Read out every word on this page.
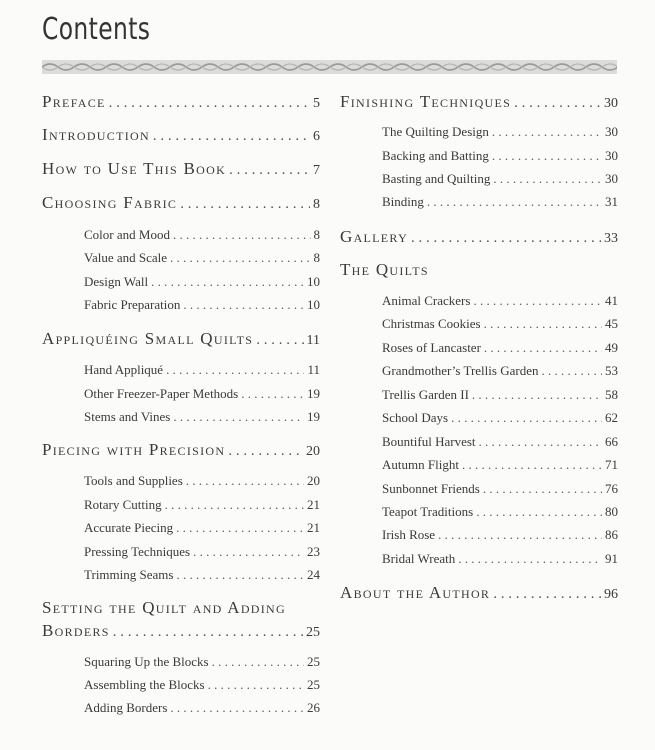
Contents
Preface . . .	5
Introduction . . .	6
How to Use This Book . . .	7
Choosing Fabric . . .	8
Color and Mood . . .	8
Value and Scale . . .	8
Design Wall . . .	10
Fabric Preparation . . .	10
Appliquéing Small Quilts . . .	11
Hand Appliqué . . .	11
Other Freezer-Paper Methods . . .	19
Stems and Vines . . .	19
Piecing with Precision . . .	20
Tools and Supplies . . .	20
Rotary Cutting . . .	21
Accurate Piecing . . .	21
Pressing Techniques . . .	23
Trimming Seams . . .	24
Setting the Quilt and Adding
Borders . . .	25
Squaring Up the Blocks . . .	25
Assembling the Blocks . . .	25
Adding Borders . . .	26
Finishing Techniques . . .	30
The Quilting Design . . .	30
Backing and Batting . . .	30
Basting and Quilting . . .	30
Binding . . .	31
Gallery . . .	33
The Quilts
Animal Crackers . . .	41
Christmas Cookies . . .	45
Roses of Lancaster . . .	49
Grandmother’s Trellis Garden . . .	53
Trellis Garden II . . .	58
School Days . . .	62
Bountiful Harvest . . .	66
Autumn Flight . . .	71
Sunbonnet Friends . . .	76
Teapot Traditions . . .	80
Irish Rose . . .	86
Bridal Wreath . . .	91
About the Author . . .	96
